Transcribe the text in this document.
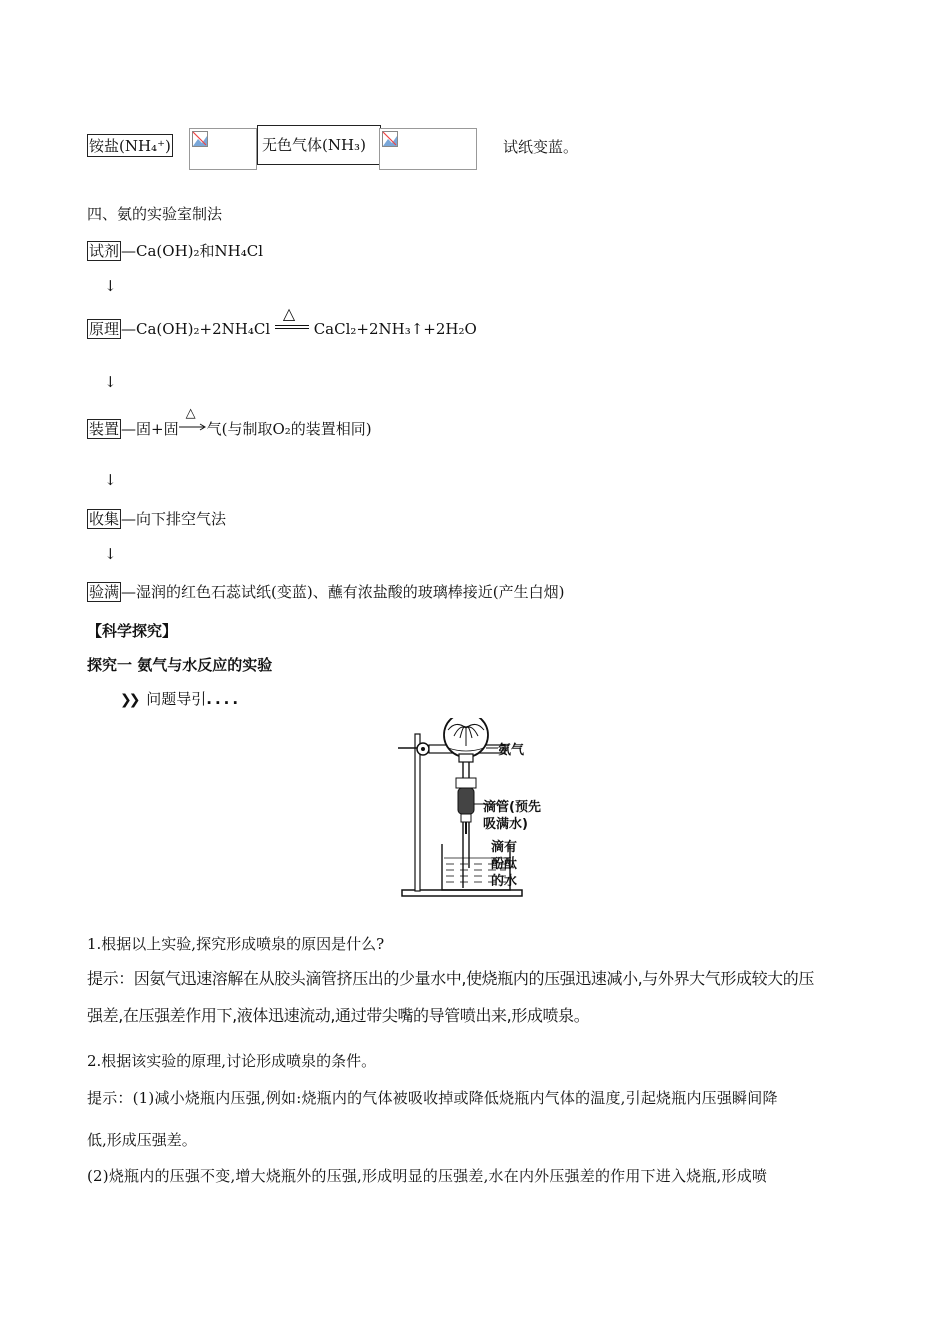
铵盐(NH₄⁺)	无色气体(NH₃)	试纸变蓝。
四、氨的实验室制法
试剂 —Ca(OH)₂和NH₄Cl
↓
原理 —Ca(OH)₂+2NH₄Cl
△
CaCl₂+2NH₃↑+2H₂O
↓
装置 —固+固
△
气(与制取O₂的装置相同)
↓
收集 —向下排空气法
↓
验满 —湿润的红色石蕊试纸(变蓝)、蘸有浓盐酸的玻璃棒接近(产生白烟)
【科学探究】
探究一 氨气与水反应的实验
❯❯ 问题导引....
氨气
滴管(预先
吸满水)
滴有
酚酞
的水
1.根据以上实验,探究形成喷泉的原因是什么?
提示：因氨气迅速溶解在从胶头滴管挤压出的少量水中,使烧瓶内的压强迅速减小,与外界大气形成较大的压
强差,在压强差作用下,液体迅速流动,通过带尖嘴的导管喷出来,形成喷泉。
2.根据该实验的原理,讨论形成喷泉的条件。
提示：(1)减小烧瓶内压强,例如:烧瓶内的气体被吸收掉或降低烧瓶内气体的温度,引起烧瓶内压强瞬间降
低,形成压强差。
(2)烧瓶内的压强不变,增大烧瓶外的压强,形成明显的压强差,水在内外压强差的作用下进入烧瓶,形成喷
